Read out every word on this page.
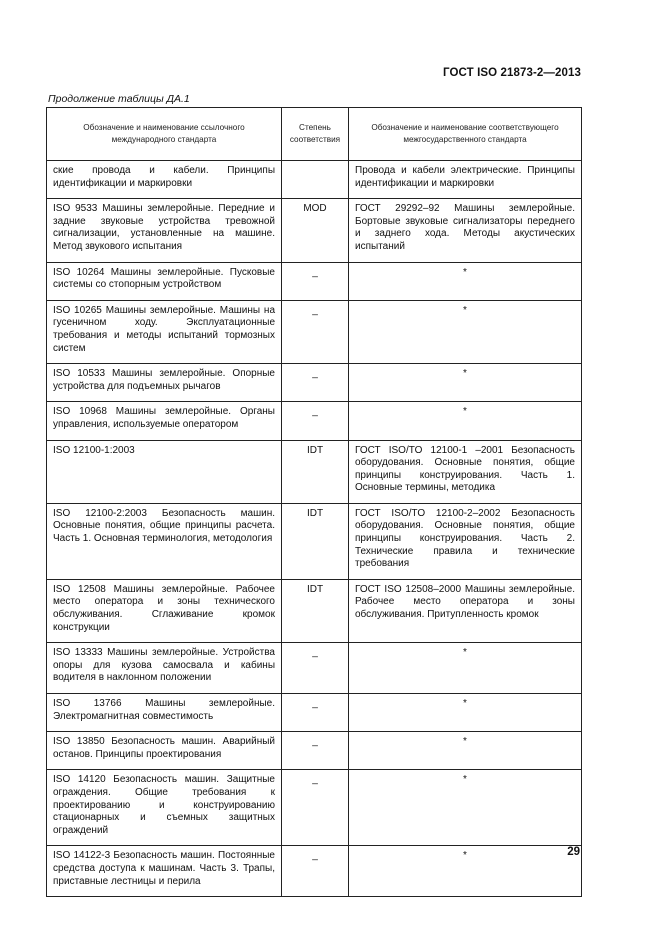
ГОСТ ISO 21873-2—2013
Продолжение таблицы ДА.1
Обозначение и наименование ссылочного международного стандарта	Степень соответствия	Обозначение и наименование соответствующего межгосударственного стандарта
ские провода и кабели. Принципы идентификации и маркировки		Провода и кабели электрические. Принципы идентификации и маркировки
ISO 9533 Машины землеройные. Передние и задние звуковые устройства тревожной сигнализации, установленные на машине. Метод звукового испытания	MOD	ГОСТ 29292–92 Машины землеройные. Бортовые звуковые сигнализаторы переднего и заднего хода. Методы акустических испытаний
ISO 10264 Машины землеройные. Пусковые системы со стопорным устройством	_	*
ISO 10265 Машины землеройные. Машины на гусеничном ходу. Эксплуатационные требования и методы испытаний тормозных систем	_	*
ISO 10533 Машины землеройные. Опорные устройства для подъемных рычагов	_	*
ISO 10968 Машины землеройные. Органы управления, используемые оператором	_	*
ISO 12100-1:2003	IDT	ГОСТ ISO/TO 12100-1 –2001 Безопасность оборудования. Основные понятия, общие принципы конструирования. Часть 1. Основные термины, методика
ISO 12100-2:2003 Безопасность машин. Основные понятия, общие принципы расчета. Часть 1. Основная терминология, методология	IDT	ГОСТ ISO/TO 12100-2–2002 Безопасность оборудования. Основные понятия, общие принципы конструирования. Часть 2. Технические правила и технические требования
ISO 12508 Машины землеройные. Рабочее место оператора и зоны технического обслуживания. Сглаживание кромок конструкции	IDT	ГОСТ ISO 12508–2000 Машины землеройные. Рабочее место оператора и зоны обслуживания. Притупленность кромок
ISO 13333 Машины землеройные. Устройства опоры для кузова самосвала и кабины водителя в наклонном положении	_	*
ISO 13766 Машины землеройные. Электромагнитная совместимость	_	*
ISO 13850 Безопасность машин. Аварийный останов. Принципы проектирования	_	*
ISO 14120 Безопасность машин. Защитные ограждения. Общие требования к проектированию и конструированию стационарных и съемных защитных ограждений	_	*
ISO 14122-3 Безопасность машин. Постоянные средства доступа к машинам. Часть 3. Трапы, приставные лестницы и перила	_	*	29
